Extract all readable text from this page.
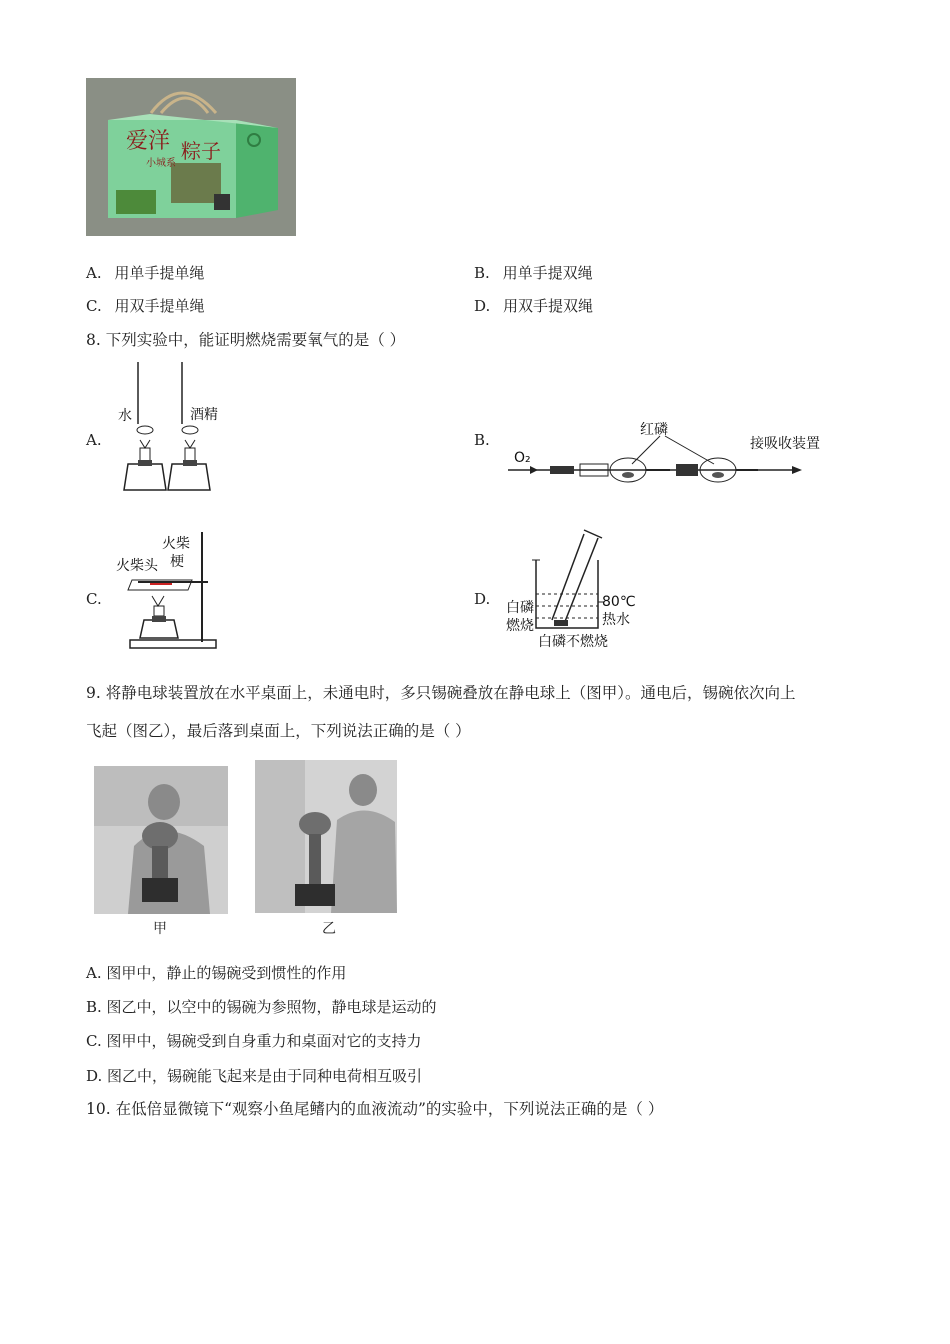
爱洋 粽子
小城系
A. 用单手提单绳	B. 用单手提双绳
C. 用双手提单绳	D. 用双手提双绳
8. 下列实验中，能证明燃烧需要氧气的是（ ）
A.
水	酒精
B.
红磷
接吸收装置
O₂
C.
火柴
梗
火柴头
D. 白磷
燃烧
80℃
热水
白磷不燃烧
9. 将静电球装置放在水平桌面上，未通电时，多只锡碗叠放在静电球上（图甲）。通电后，锡碗依次向上
飞起（图乙），最后落到桌面上，下列说法正确的是（ ）
甲	乙
A. 图甲中，静止的锡碗受到惯性的作用
B. 图乙中，以空中的锡碗为参照物，静电球是运动的
C. 图甲中，锡碗受到自身重力和桌面对它的支持力
D. 图乙中，锡碗能飞起来是由于同种电荷相互吸引
10. 在低倍显微镜下“观察小鱼尾鳍内的血液流动”的实验中，下列说法正确的是（ ）
